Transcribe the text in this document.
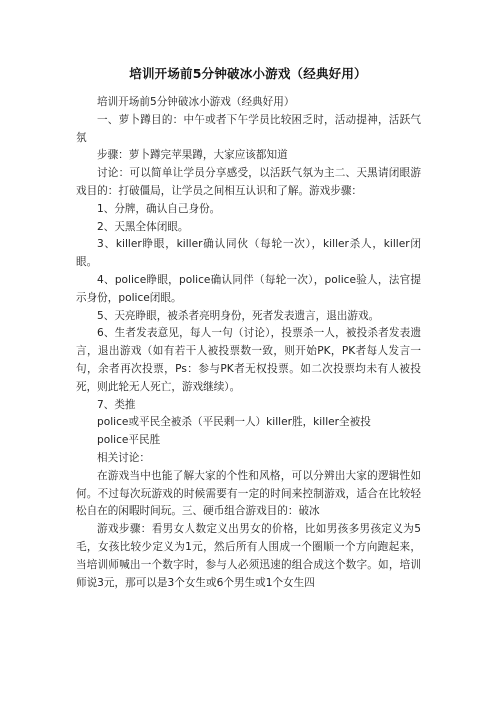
培训开场前5分钟破冰小游戏（经典好用）

培训开场前5分钟破冰小游戏（经典好用）

一、萝卜蹲目的：中午或者下午学员比较困乏时，活动提神，活跃气氛

步骤：萝卜蹲完苹果蹲，大家应该都知道

讨论：可以简单让学员分享感受，以活跃气氛为主二、天黑请闭眼游戏目的：打破僵局，让学员之间相互认识和了解。游戏步骤：

1、分牌，确认自己身份。

2、天黑全体闭眼。

3、killer睁眼，killer确认同伙（每轮一次），killer杀人，killer闭眼。

4、police睁眼，police确认同伴（每轮一次），police验人，法官提示身份，police闭眼。

5、天亮睁眼，被杀者亮明身份，死者发表遗言，退出游戏。

6、生者发表意见，每人一句（讨论），投票杀一人，被投杀者发表遗言，退出游戏（如有若干人被投票数一致，则开始PK，PK者每人发言一句，余者再次投票，Ps：参与PK者无权投票。如二次投票均未有人被投死，则此轮无人死亡，游戏继续）。

7、类推

police或平民全被杀（平民剩一人）killer胜，killer全被投

police平民胜

相关讨论：

在游戏当中也能了解大家的个性和风格，可以分辨出大家的逻辑性如何。不过每次玩游戏的时候需要有一定的时间来控制游戏，适合在比较轻松自在的闲暇时间玩。三、硬币组合游戏目的：破冰

游戏步骤：看男女人数定义出男女的价格，比如男孩多男孩定义为5毛，女孩比较少定义为1元，然后所有人围成一个圈顺一个方向跑起来，当培训师喊出一个数字时，参与人必须迅速的组合成这个数字。如，培训师说3元，那可以是3个女生或6个男生或1个女生四
